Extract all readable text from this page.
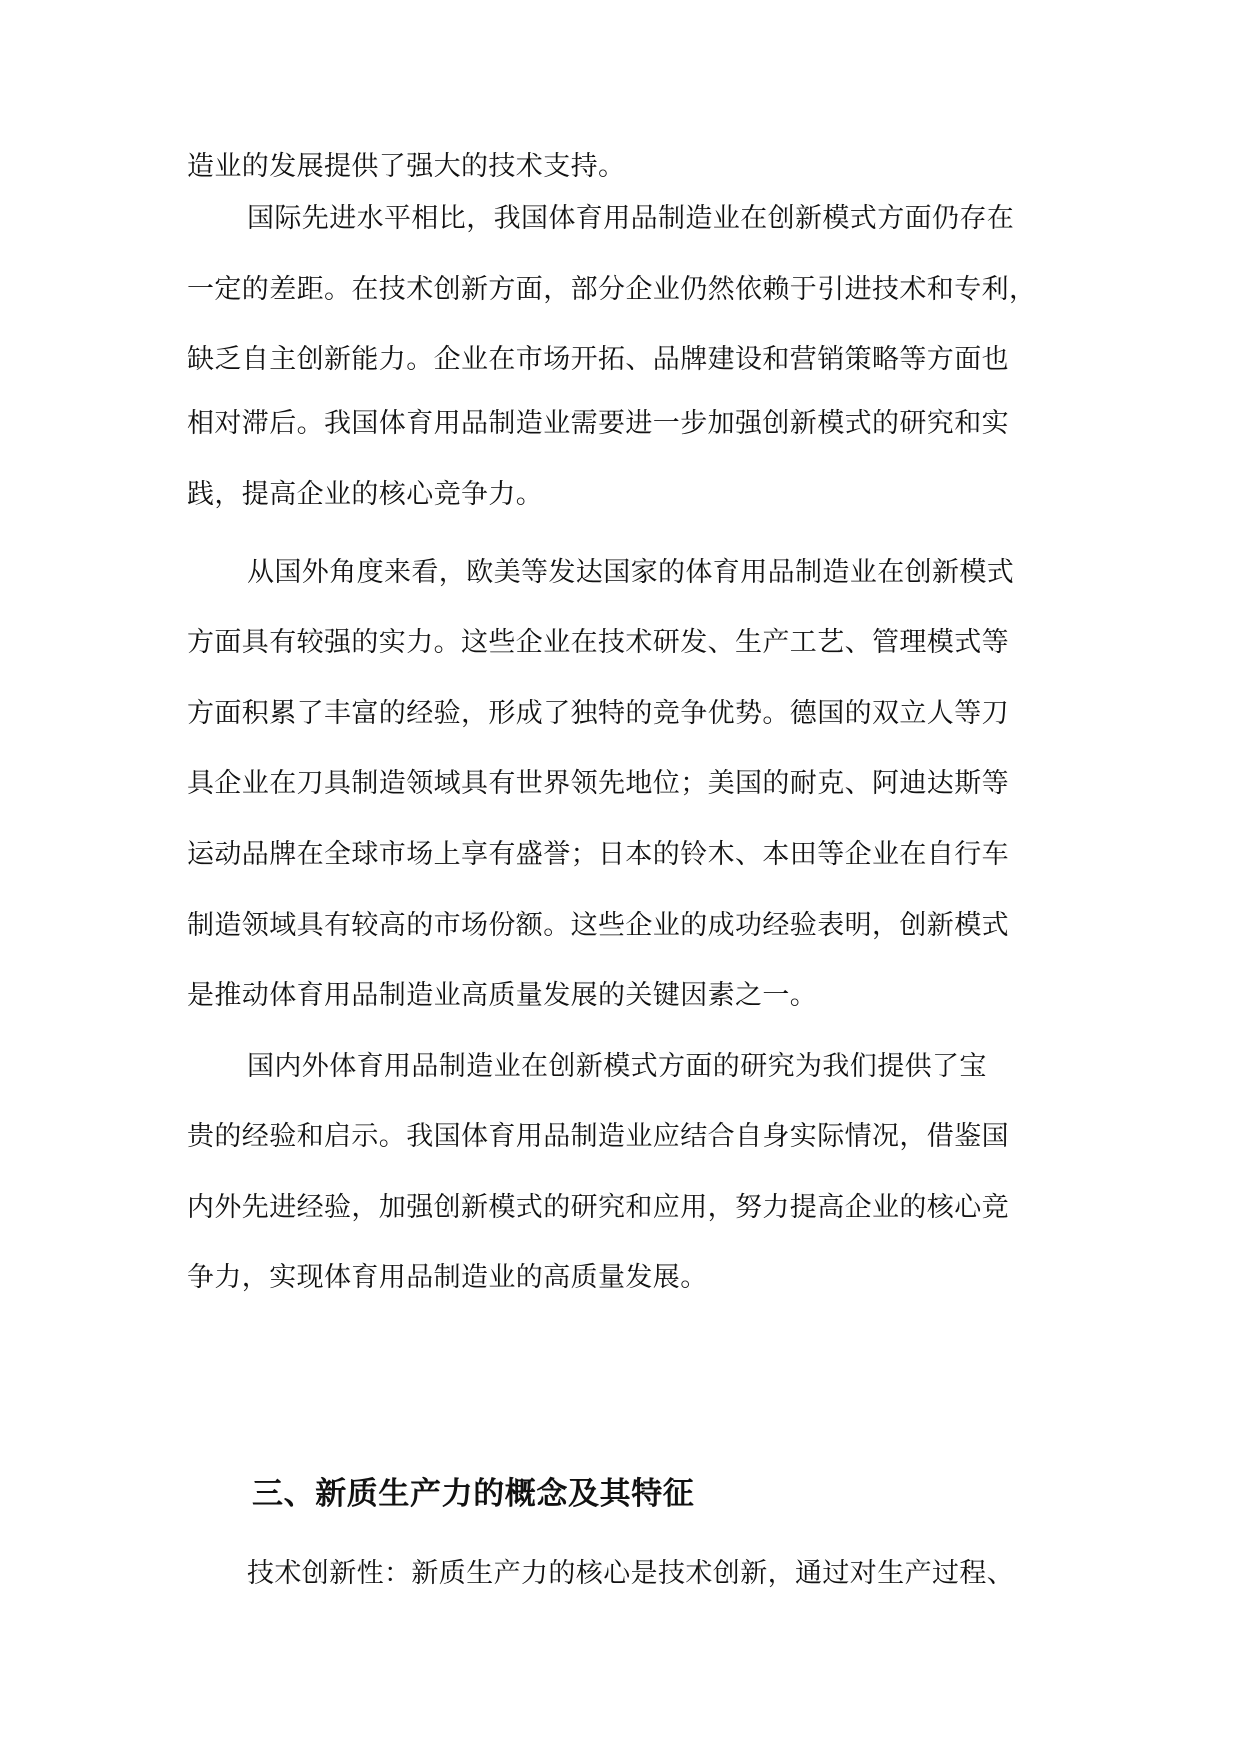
造业的发展提供了强大的技术支持。
国际先进水平相比，我国体育用品制造业在创新模式方面仍存在
一定的差距。在技术创新方面，部分企业仍然依赖于引进技术和专利，
缺乏自主创新能力。企业在市场开拓、品牌建设和营销策略等方面也
相对滞后。我国体育用品制造业需要进一步加强创新模式的研究和实
践，提高企业的核心竞争力。
从国外角度来看，欧美等发达国家的体育用品制造业在创新模式
方面具有较强的实力。这些企业在技术研发、生产工艺、管理模式等
方面积累了丰富的经验，形成了独特的竞争优势。德国的双立人等刀
具企业在刀具制造领域具有世界领先地位；美国的耐克、阿迪达斯等
运动品牌在全球市场上享有盛誉；日本的铃木、本田等企业在自行车
制造领域具有较高的市场份额。这些企业的成功经验表明，创新模式
是推动体育用品制造业高质量发展的关键因素之一。
国内外体育用品制造业在创新模式方面的研究为我们提供了宝
贵的经验和启示。我国体育用品制造业应结合自身实际情况，借鉴国
内外先进经验，加强创新模式的研究和应用，努力提高企业的核心竞
争力，实现体育用品制造业的高质量发展。
三、新质生产力的概念及其特征
技术创新性：新质生产力的核心是技术创新，通过对生产过程、
